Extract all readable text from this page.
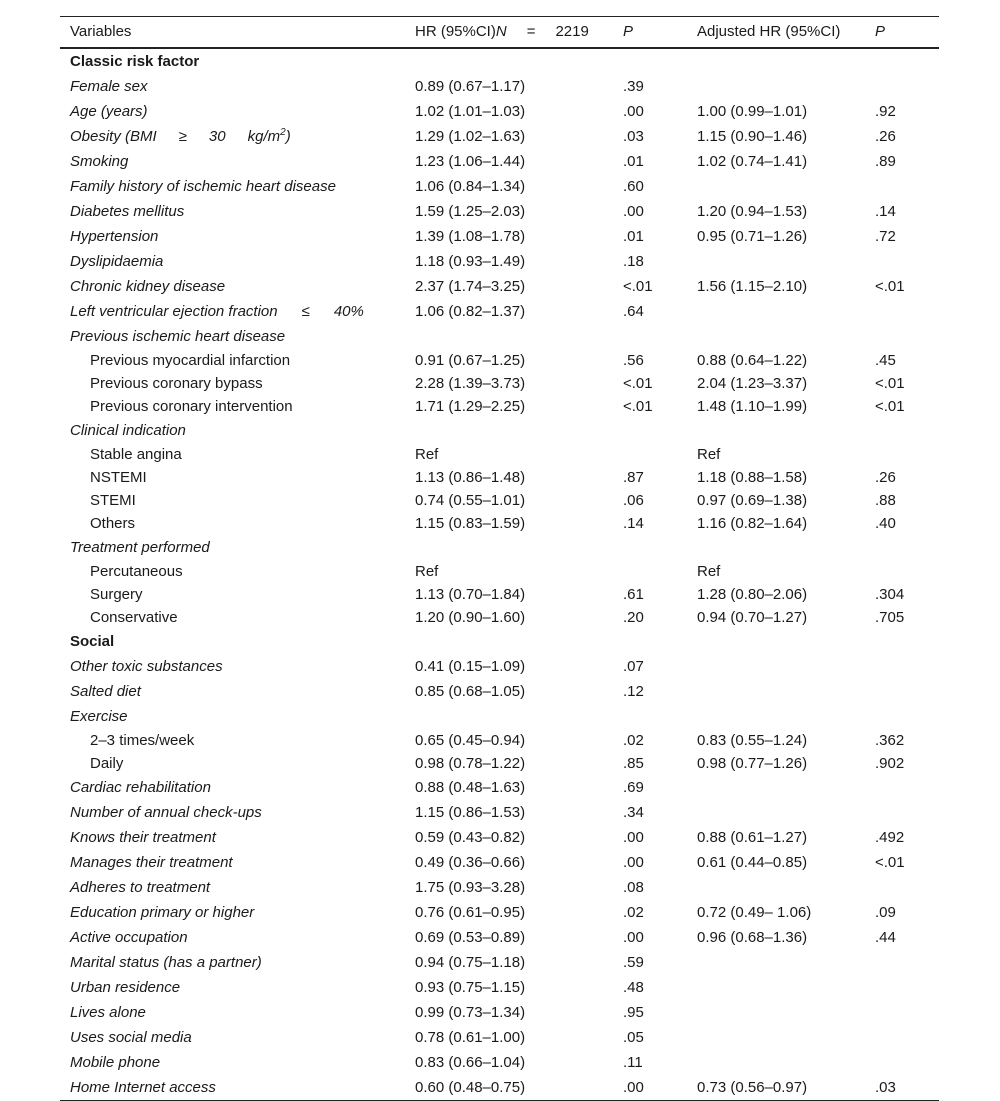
Variables	HR (95%CI)N = 2219	P	Adjusted HR (95%CI)	P
Classic risk factor				
Female sex	0.89 (0.67–1.17)	.39		
Age (years)	1.02 (1.01–1.03)	.00	1.00 (0.99–1.01)	.92
Obesity (BMI ≥ 30 $kg/m^2$)	1.29 (1.02–1.63)	.03	1.15 (0.90–1.46)	.26
Smoking	1.23 (1.06–1.44)	.01	1.02 (0.74–1.41)	.89
Family history of ischemic heart disease	1.06 (0.84–1.34)	.60		
Diabetes mellitus	1.59 (1.25–2.03)	.00	1.20 (0.94–1.53)	.14
Hypertension	1.39 (1.08–1.78)	.01	0.95 (0.71–1.26)	.72
Dyslipidaemia	1.18 (0.93–1.49)	.18		
Chronic kidney disease	2.37 (1.74–3.25)	<.01	1.56 (1.15–2.10)	<.01
Left ventricular ejection fraction ≤ 40%	1.06 (0.82–1.37)	.64		
Previous ischemic heart disease				
Previous myocardial infarction	0.91 (0.67–1.25)	.56	0.88 (0.64–1.22)	.45
Previous coronary bypass	2.28 (1.39–3.73)	<.01	2.04 (1.23–3.37)	<.01
Previous coronary intervention	1.71 (1.29–2.25)	<.01	1.48 (1.10–1.99)	<.01
Clinical indication				
Stable angina	Ref		Ref	
NSTEMI	1.13 (0.86–1.48)	.87	1.18 (0.88–1.58)	.26
STEMI	0.74 (0.55–1.01)	.06	0.97 (0.69–1.38)	.88
Others	1.15 (0.83–1.59)	.14	1.16 (0.82–1.64)	.40
Treatment performed				
Percutaneous	Ref		Ref	
Surgery	1.13 (0.70–1.84)	.61	1.28 (0.80–2.06)	.304
Conservative	1.20 (0.90–1.60)	.20	0.94 (0.70–1.27)	.705
Social				
Other toxic substances	0.41 (0.15–1.09)	.07		
Salted diet	0.85 (0.68–1.05)	.12		
Exercise				
2–3 times/week	0.65 (0.45–0.94)	.02	0.83 (0.55–1.24)	.362
Daily	0.98 (0.78–1.22)	.85	0.98 (0.77–1.26)	.902
Cardiac rehabilitation	0.88 (0.48–1.63)	.69		
Number of annual check-ups	1.15 (0.86–1.53)	.34		
Knows their treatment	0.59 (0.43–0.82)	.00	0.88 (0.61–1.27)	.492
Manages their treatment	0.49 (0.36–0.66)	.00	0.61 (0.44–0.85)	<.01
Adheres to treatment	1.75 (0.93–3.28)	.08		
Education primary or higher	0.76 (0.61–0.95)	.02	0.72 (0.49– 1.06)	.09
Active occupation	0.69 (0.53–0.89)	.00	0.96 (0.68–1.36)	.44
Marital status (has a partner)	0.94 (0.75–1.18)	.59		
Urban residence	0.93 (0.75–1.15)	.48		
Lives alone	0.99 (0.73–1.34)	.95		
Uses social media	0.78 (0.61–1.00)	.05		
Mobile phone	0.83 (0.66–1.04)	.11		
Home Internet access	0.60 (0.48–0.75)	.00	0.73 (0.56–0.97)	.03
